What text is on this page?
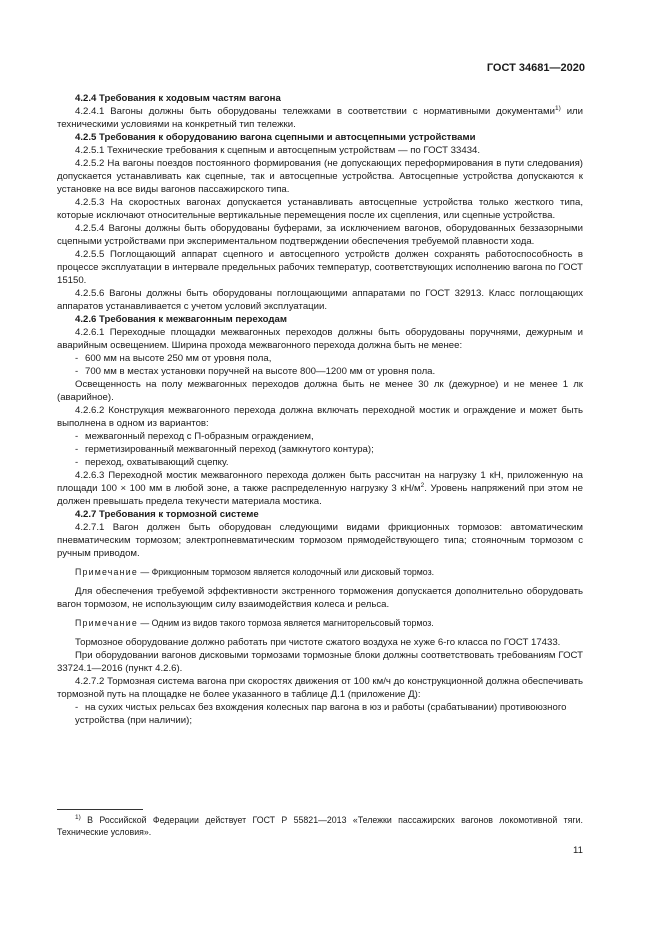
ГОСТ 34681—2020

4.2.4 Требования к ходовым частям вагона

4.2.4.1 Вагоны должны быть оборудованы тележками в соответствии с нормативными документами$^{1)}$ или техническими условиями на конкретный тип тележки.

4.2.5 Требования к оборудованию вагона сцепными и автосцепными устройствами

4.2.5.1 Технические требования к сцепным и автосцепным устройствам — по ГОСТ 33434.

4.2.5.2 На вагоны поездов постоянного формирования (не допускающих переформирования в пути следования) допускается устанавливать как сцепные, так и автосцепные устройства. Автосцепные устройства допускаются к установке на все виды вагонов пассажирского типа.

4.2.5.3 На скоростных вагонах допускается устанавливать автосцепные устройства только жесткого типа, которые исключают относительные вертикальные перемещения после их сцепления, или сцепные устройства.

4.2.5.4 Вагоны должны быть оборудованы буферами, за исключением вагонов, оборудованных беззазорными сцепными устройствами при экспериментальном подтверждении обеспечения требуемой плавности хода.

4.2.5.5 Поглощающий аппарат сцепного и автосцепного устройств должен сохранять работоспособность в процессе эксплуатации в интервале предельных рабочих температур, соответствующих исполнению вагона по ГОСТ 15150.

4.2.5.6 Вагоны должны быть оборудованы поглощающими аппаратами по ГОСТ 32913. Класс поглощающих аппаратов устанавливается с учетом условий эксплуатации.

4.2.6 Требования к межвагонным переходам

4.2.6.1 Переходные площадки межвагонных переходов должны быть оборудованы поручнями, дежурным и аварийным освещением. Ширина прохода межвагонного перехода должна быть не менее:

- 600 мм на высоте 250 мм от уровня пола,

- 700 мм в местах установки поручней на высоте 800—1200 мм от уровня пола.

Освещенность на полу межвагонных переходов должна быть не менее 30 лк (дежурное) и не менее 1 лк (аварийное).

4.2.6.2 Конструкция межвагонного перехода должна включать переходной мостик и ограждение и может быть выполнена в одном из вариантов:

- межвагонный переход с П-образным ограждением,

- герметизированный межвагонный переход (замкнутого контура);

- переход, охватывающий сцепку.

4.2.6.3 Переходной мостик межвагонного перехода должен быть рассчитан на нагрузку 1 кН, приложенную на площади 100 × 100 мм в любой зоне, а также распределенную нагрузку 3 $кН/м^2$. Уровень напряжений при этом не должен превышать предела текучести материала мостика.

4.2.7 Требования к тормозной системе

4.2.7.1 Вагон должен быть оборудован следующими видами фрикционных тормозов: автоматическим пневматическим тормозом; электропневматическим тормозом прямодействующего типа; стояночным тормозом с ручным приводом.

Примечание — Фрикционным тормозом является колодочный или дисковый тормоз.

Для обеспечения требуемой эффективности экстренного торможения допускается дополнительно оборудовать вагон тормозом, не использующим силу взаимодействия колеса и рельса.

Примечание — Одним из видов такого тормоза является магниторельсовый тормоз.

Тормозное оборудование должно работать при чистоте сжатого воздуха не хуже 6-го класса по ГОСТ 17433.

При оборудовании вагонов дисковыми тормозами тормозные блоки должны соответствовать требованиям ГОСТ 33724.1—2016 (пункт 4.2.6).

4.2.7.2 Тормозная система вагона при скоростях движения от 100 км/ч до конструкционной должна обеспечивать тормозной путь на площадке не более указанного в таблице Д.1 (приложение Д):

- на сухих чистых рельсах без вхождения колесных пар вагона в юз и работы (срабатывании) противоюзного устройства (при наличии);

$^{1)}$ В Российской Федерации действует ГОСТ Р 55821—2013 «Тележки пассажирских вагонов локомотивной тяги. Технические условия».

11
